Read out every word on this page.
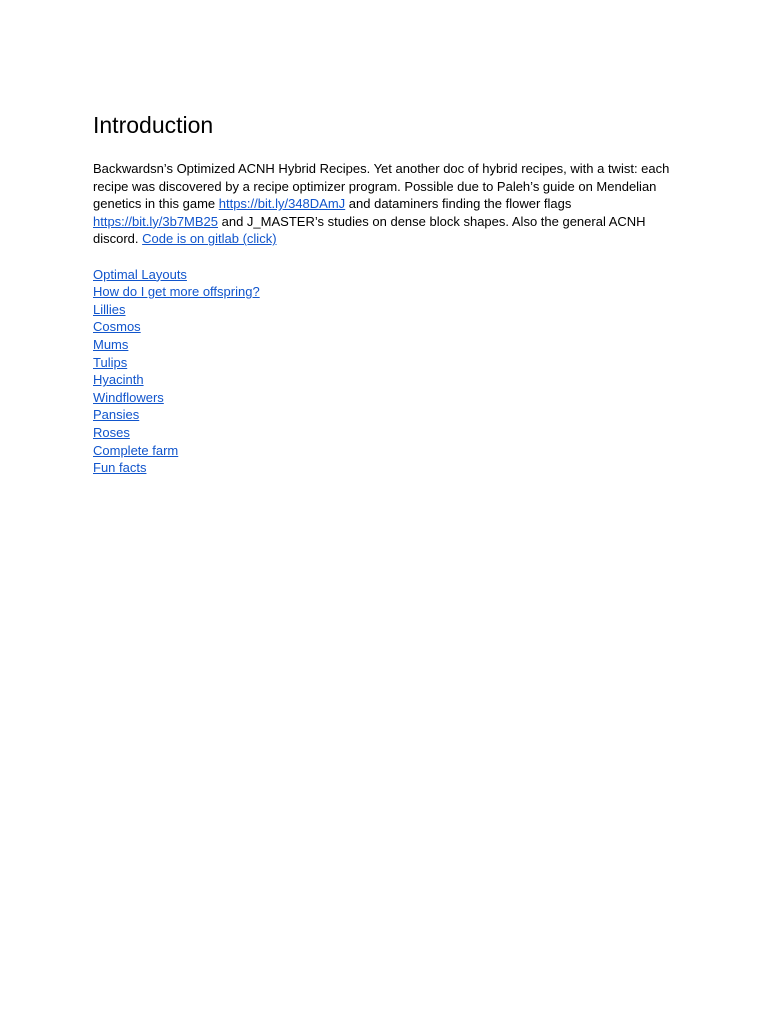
Introduction

Backwardsn’s Optimized ACNH Hybrid Recipes. Yet another doc of hybrid recipes, with a twist: each recipe was discovered by a recipe optimizer program. Possible due to Paleh’s guide on Mendelian genetics in this game https://bit.ly/348DAmJ and dataminers finding the flower flags https://bit.ly/3b7MB25 and J_MASTER’s studies on dense block shapes. Also the general ACNH discord. Code is on gitlab (click)

Optimal Layouts
How do I get more offspring?
Lillies
Cosmos
Mums
Tulips
Hyacinth
Windflowers
Pansies
Roses
Complete farm
Fun facts
